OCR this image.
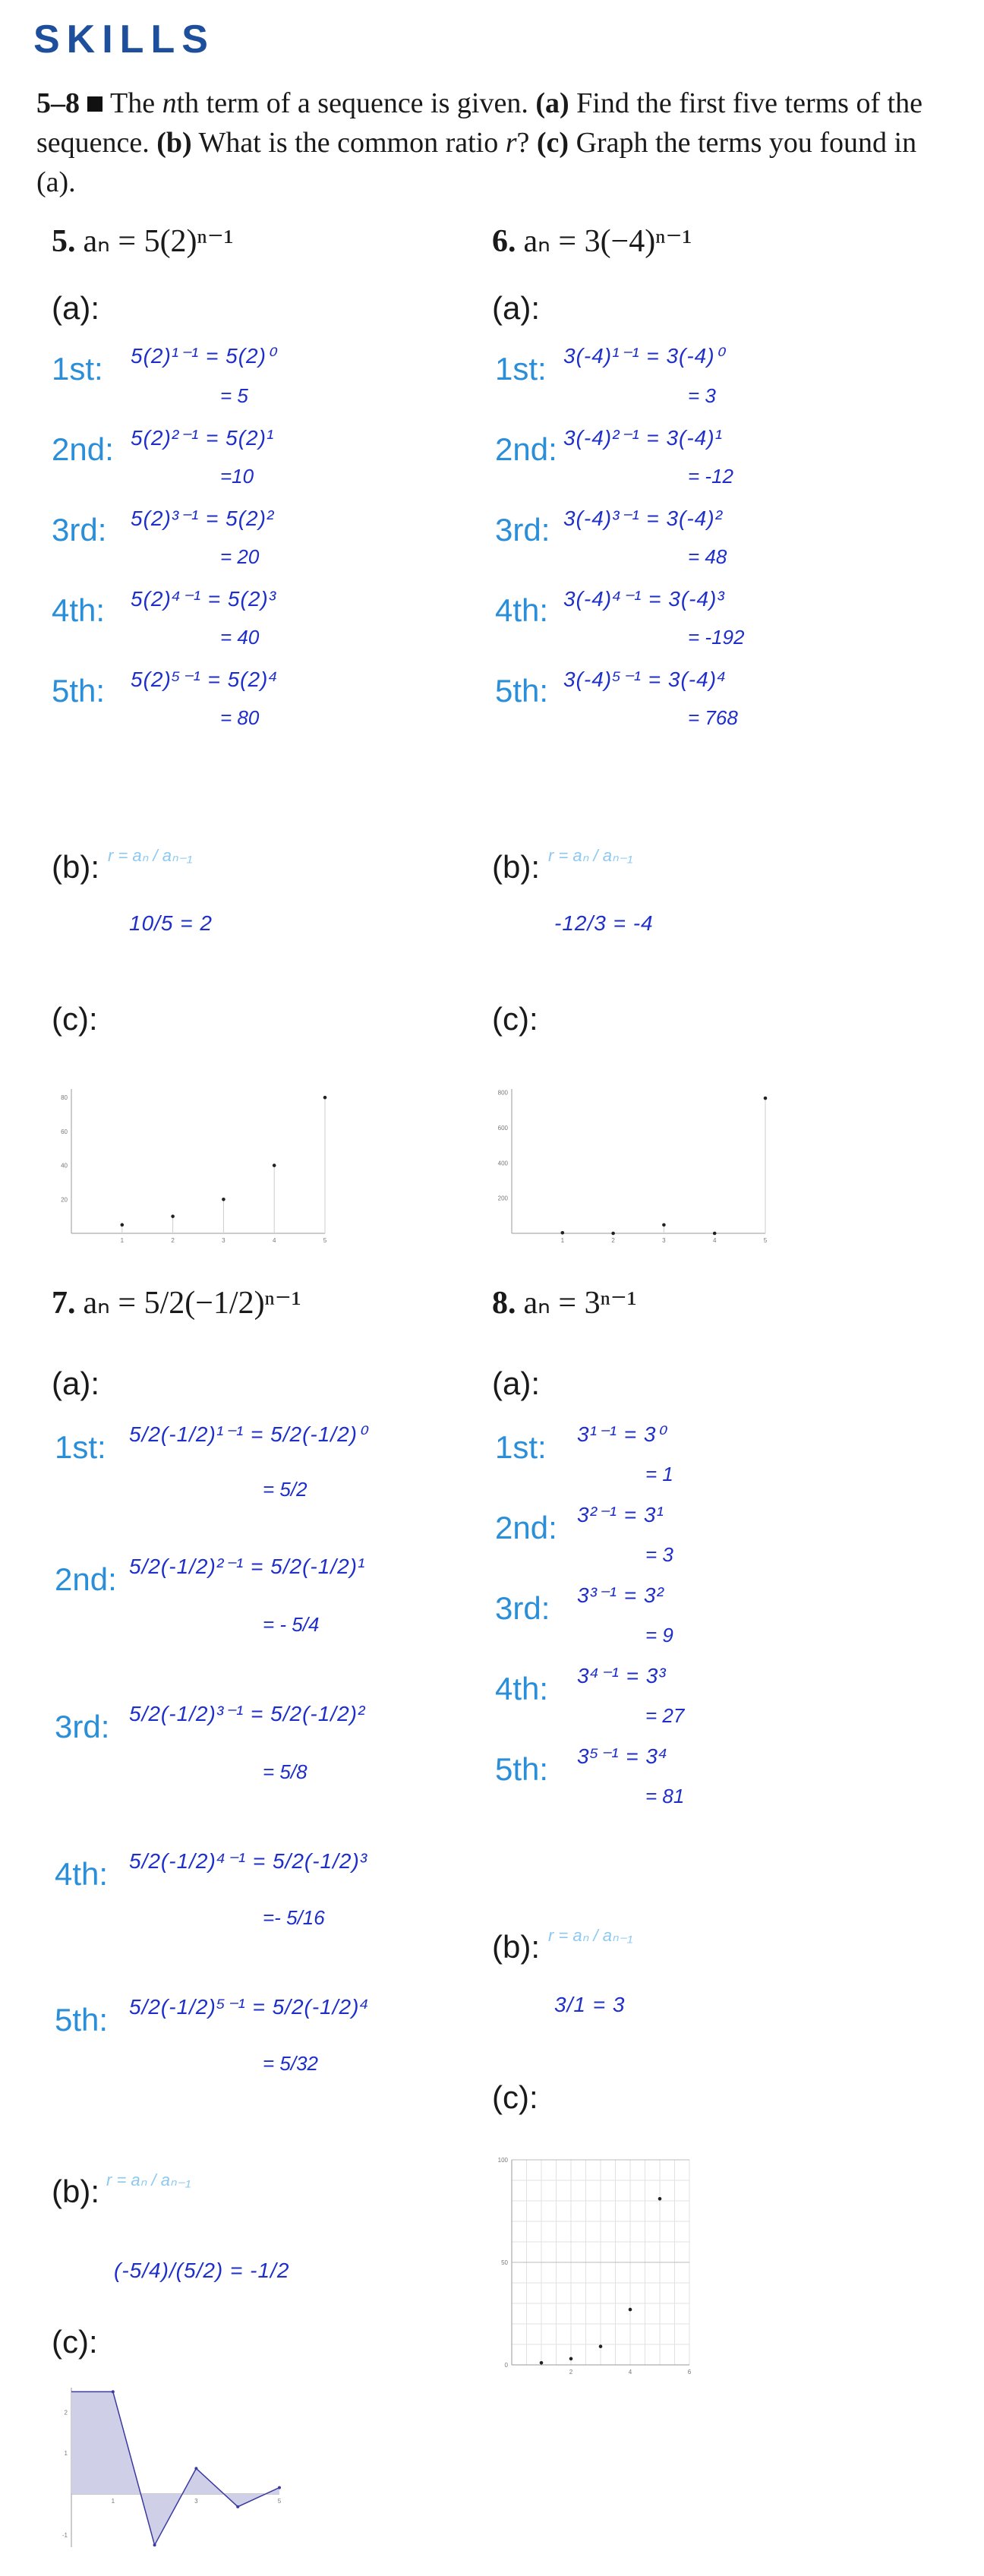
SKILLS
5–8 The nth term of a sequence is given. (a) Find the first five terms of the sequence. (b) What is the common ratio r? (c) Graph the terms you found in (a).
5. aₙ = 5(2)ⁿ⁻¹
(a):
1st: 5(2)¹⁻¹ = 5(2)⁰
= 5
2nd: 5(2)²⁻¹ = 5(2)¹
=10
3rd: 5(2)³⁻¹ = 5(2)²
= 20
4th: 5(2)⁴⁻¹ = 5(2)³
= 40
5th: 5(2)⁵⁻¹ = 5(2)⁴
= 80
(b): r = aₙ / aₙ₋₁
10/5 = 2
(c):
20
40
60
80
1	2	3	4	5
6. aₙ = 3(−4)ⁿ⁻¹
(a):
1st: 3(-4)¹⁻¹ = 3(-4)⁰
= 3
2nd: 3(-4)²⁻¹ = 3(-4)¹
= -12
3rd: 3(-4)³⁻¹ = 3(-4)²
= 48
4th: 3(-4)⁴⁻¹ = 3(-4)³
= -192
5th: 3(-4)⁵⁻¹ = 3(-4)⁴
= 768
(b): r = aₙ / aₙ₋₁
-12/3 = -4
(c):
200
400
600
800
1	2	3	4	5
7. aₙ = 5/2(−1/2)ⁿ⁻¹
(a):
1st: 5/2(-1/2)¹⁻¹ = 5/2(-1/2)⁰
= 5/2
2nd: 5/2(-1/2)²⁻¹ = 5/2(-1/2)¹
= - 5/4
3rd: 5/2(-1/2)³⁻¹ = 5/2(-1/2)²
= 5/8
4th: 5/2(-1/2)⁴⁻¹ = 5/2(-1/2)³
=- 5/16
5th: 5/2(-1/2)⁵⁻¹ = 5/2(-1/2)⁴
= 5/32
(b): r = aₙ / aₙ₋₁
(-5/4)/(5/2) = -1/2
(c):
-1
1
2
1	3	5
8. aₙ = 3ⁿ⁻¹
(a):
1st: 3¹⁻¹ = 3⁰
= 1
2nd: 3²⁻¹ = 3¹
= 3
3rd: 3³⁻¹ = 3²
= 9
4th: 3⁴⁻¹ = 3³
= 27
5th: 3⁵⁻¹ = 3⁴
= 81
(b): r = aₙ / aₙ₋₁
3/1 = 3
(c):
0
50
100
2	4	6
